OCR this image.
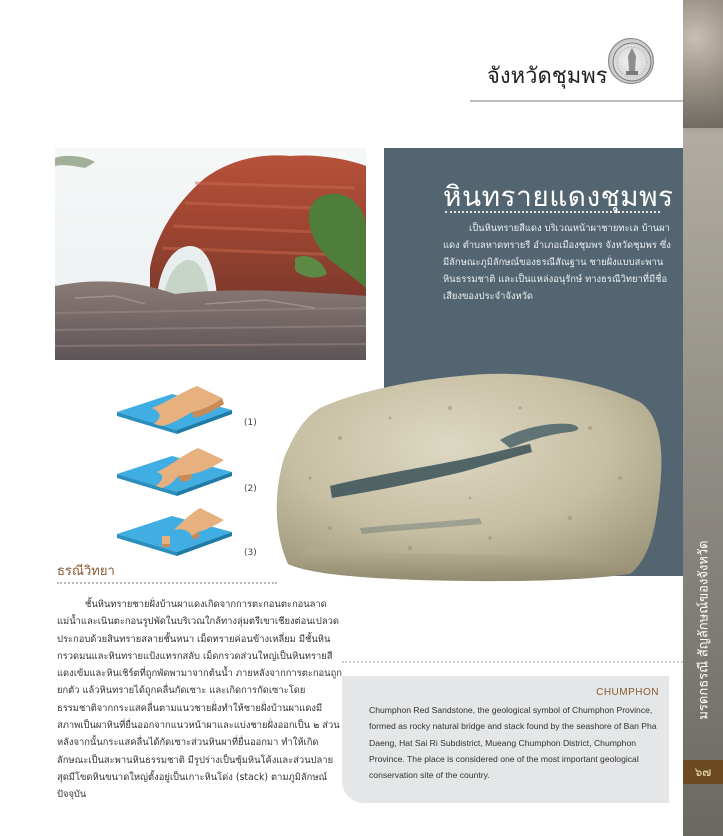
มรดกธรณี สัญลักษณ์ของจังหวัด
๖๗
จังหวัดชุมพร
หินทรายแดงชุมพร
เป็นหินทรายสีแดง บริเวณหน้าผาชายทะเล บ้านผาแดง ตำบลหาดทรายรี อำเภอเมืองชุมพร จังหวัดชุมพร ซึ่งมีลักษณะภูมิลักษณ์ของธรณีสัณฐาน ชายฝั่งแบบสะพานหินธรรมชาติ และเป็นแหล่งอนุรักษ์ ทางธรณีวิทยาที่มีชื่อเสียงของประจำจังหวัด
(1)
(2)
(3)
ธรณีวิทยา
ชั้นหินทรายชายฝั่งบ้านผาแดงเกิดจากการตะกอนตะกอนลาดแม่น้ำและเนินตะกอนรูปพัดในบริเวณใกล้ทางลุ่มตรีเขาเชียงต่อนเปลวด ประกอบด้วยสินทรายสลายชั้นหนา เม็ดทรายค่อนข้างเหลี่ยม มีชั้นหินกรวดมนและหินทรายแป้งแทรกสลับ เม็ดกรวดส่วนใหญ่เป็นหินทรายสีแดงเข้มและหินเชิร์ตที่ถูกพัดพามาจากต้นน้ำ ภายหลังจากการตะกอนถูกยกตัว แล้วหินทรายได้ถูกคลื่นกัดเซาะ และเกิดการกัดเซาะโดยธรรมชาติจากกระแสคลื่นตามแนวชายฝั่งทำให้ชายฝั่งบ้านผาแดงมีสภาพเป็นผาหินที่ยื่นออกจากแนวหน้าผาและแบ่งชายฝั่งออกเป็น ๒ ส่วน หลังจากนั้นกระแสคลื่นได้กัดเซาะส่วนหินผาที่ยื่นออกมา ทำให้เกิดลักษณะเป็นสะพานหินธรรมชาติ มีรูปร่างเป็นซุ้มหินโค้งและส่วนปลายสุดมีโขดหินขนาดใหญ่ตั้งอยู่เป็นเกาะหินโด่ง (stack) ตามภูมิลักษณ์ปัจจุบัน
CHUMPHON
Chumphon Red Sandstone, the geological symbol of Chumphon Province, formed as rocky natural bridge and stack found by the seashore of Ban Pha Daeng, Hat Sai Ri Subdistrict, Mueang Chumphon District, Chumphon Province. The place is considered one of the most important geological conservation site of the country.
